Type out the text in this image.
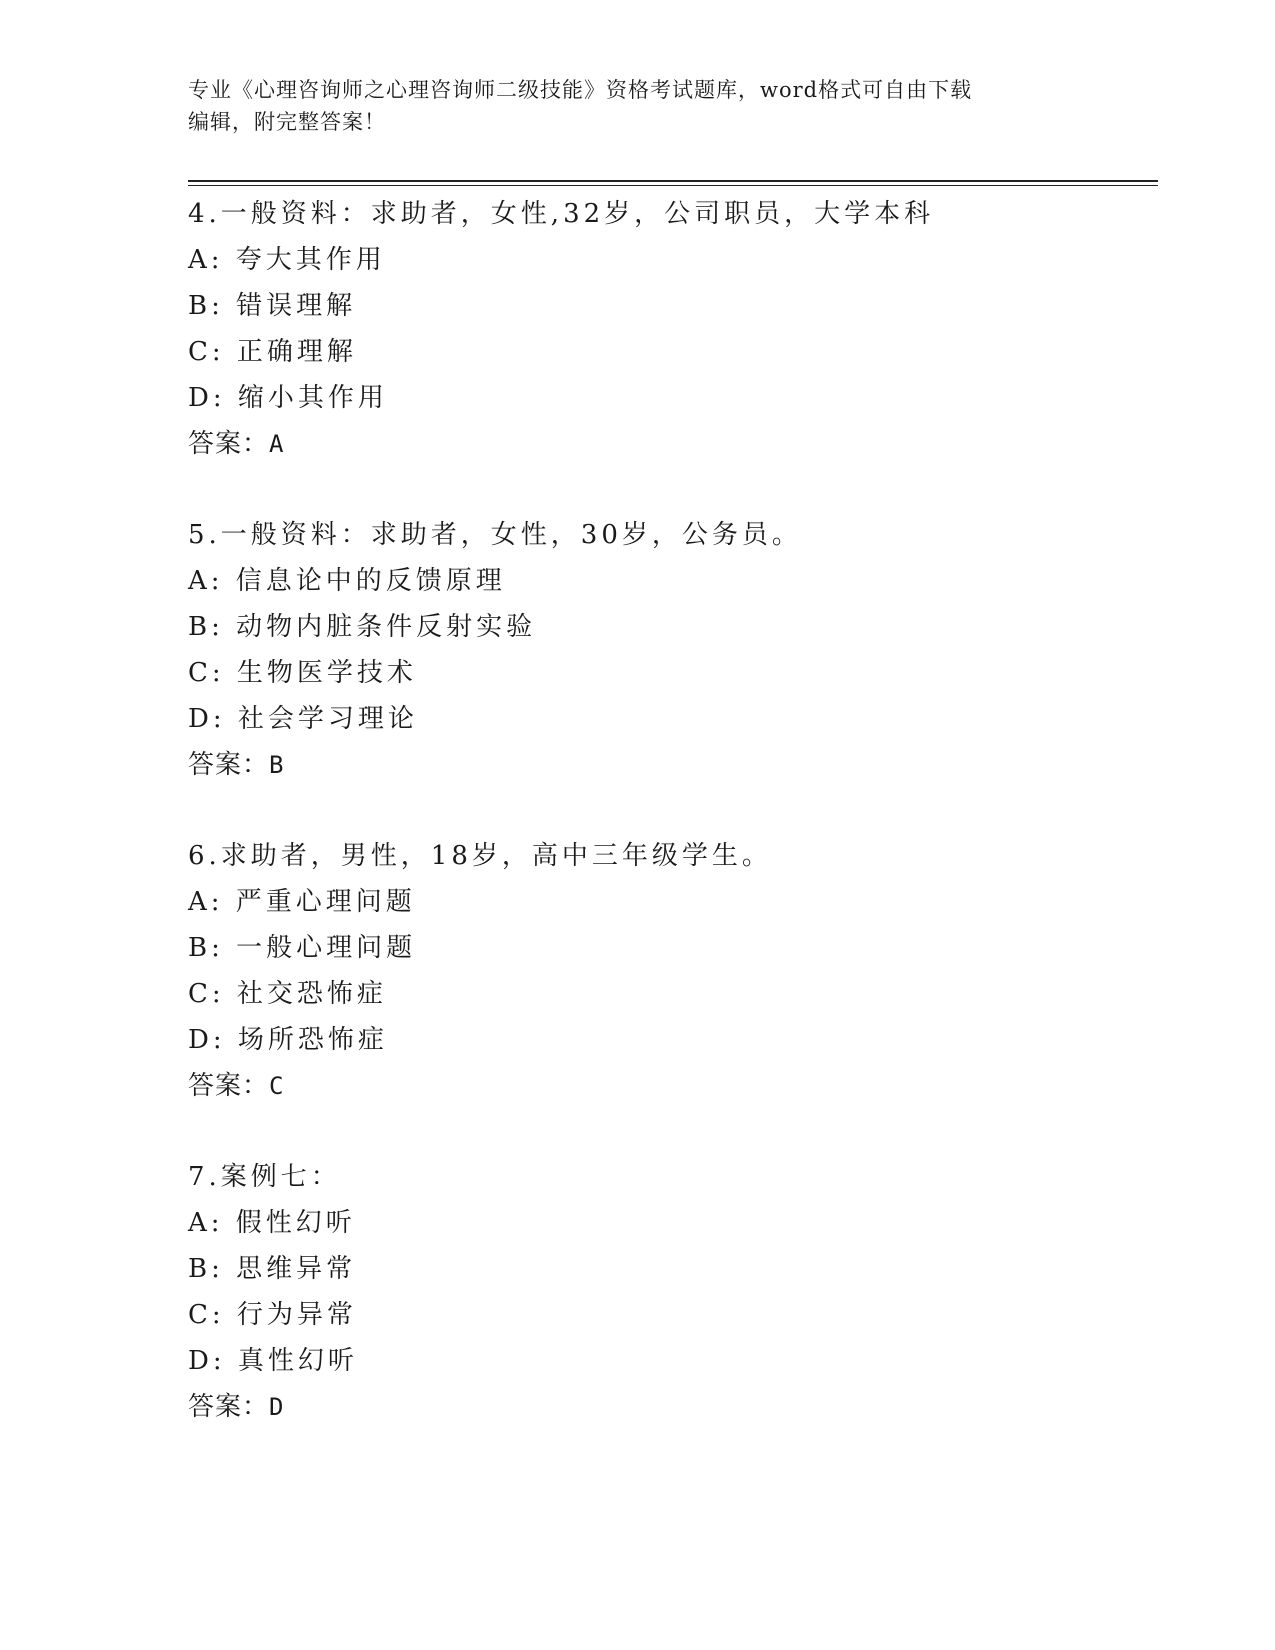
专业《心理咨询师之心理咨询师二级技能》资格考试题库，word格式可自由下载
编辑，附完整答案！
4.一般资料：求助者，女性,32岁，公司职员，大学本科
A: 夸大其作用
B: 错误理解
C: 正确理解
D: 缩小其作用
答案：A
5.一般资料：求助者，女性，30岁，公务员。
A: 信息论中的反馈原理
B: 动物内脏条件反射实验
C: 生物医学技术
D: 社会学习理论
答案：B
6.求助者，男性，18岁，高中三年级学生。
A: 严重心理问题
B: 一般心理问题
C: 社交恐怖症
D: 场所恐怖症
答案：C
7.案例七：
A: 假性幻听
B: 思维异常
C: 行为异常
D: 真性幻听
答案：D
